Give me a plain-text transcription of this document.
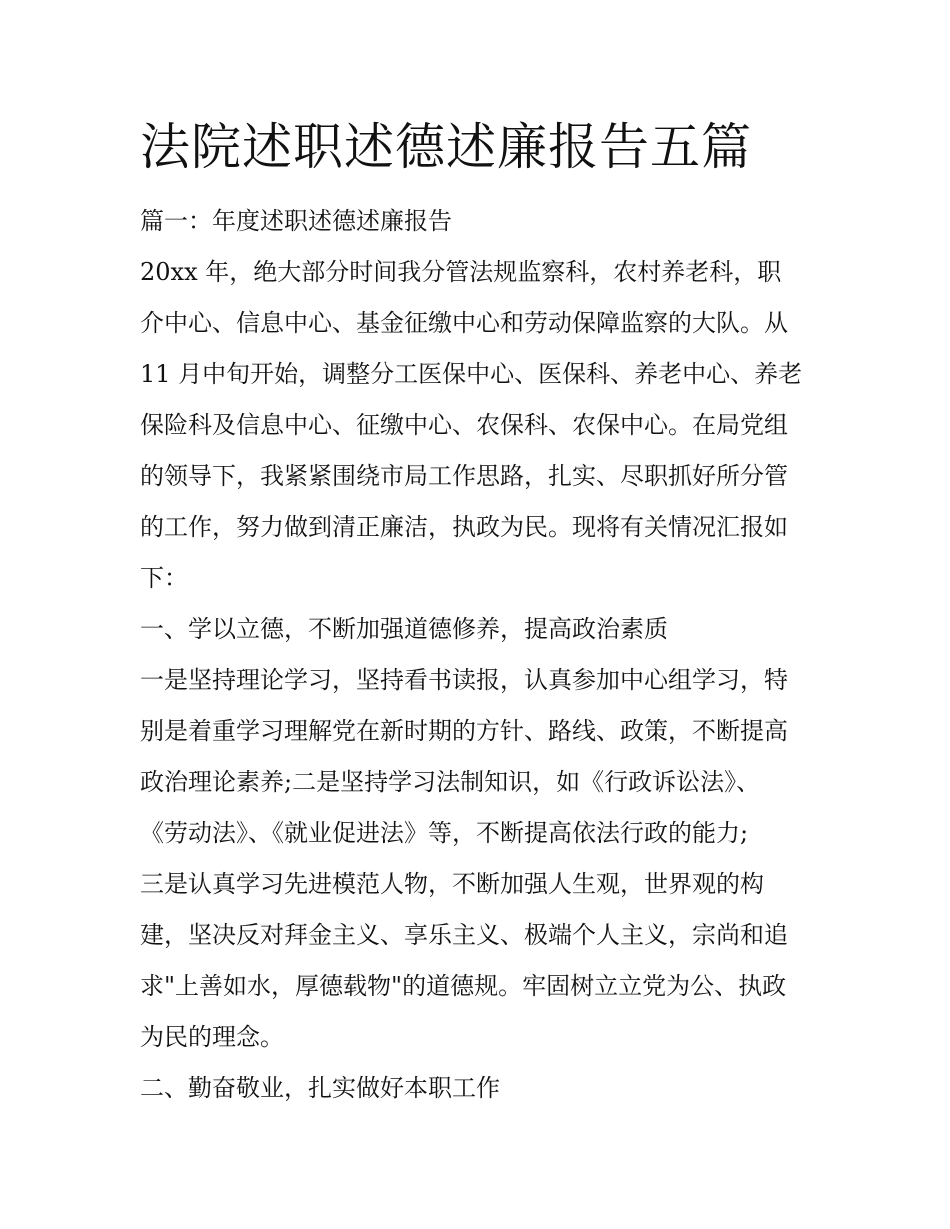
法院述职述德述廉报告五篇

篇一：年度述职述德述廉报告

20xx 年，绝大部分时间我分管法规监察科，农村养老科，职
介中心、信息中心、基金征缴中心和劳动保障监察的大队。从
11 月中旬开始，调整分工医保中心、医保科、养老中心、养老
保险科及信息中心、征缴中心、农保科、农保中心。在局党组
的领导下，我紧紧围绕市局工作思路，扎实、尽职抓好所分管
的工作，努力做到清正廉洁，执政为民。现将有关情况汇报如
下：

一、学以立德，不断加强道德修养，提高政治素质

一是坚持理论学习，坚持看书读报，认真参加中心组学习，特
别是着重学习理解党在新时期的方针、路线、政策，不断提高
政治理论素养;二是坚持学习法制知识，如《行政诉讼法》、
《劳动法》、《就业促进法》等，不断提高依法行政的能力;
三是认真学习先进模范人物，不断加强人生观，世界观的构
建，坚决反对拜金主义、享乐主义、极端个人主义，宗尚和追
求"上善如水，厚德载物"的道德规。牢固树立立党为公、执政
为民的理念。

二、勤奋敬业，扎实做好本职工作
